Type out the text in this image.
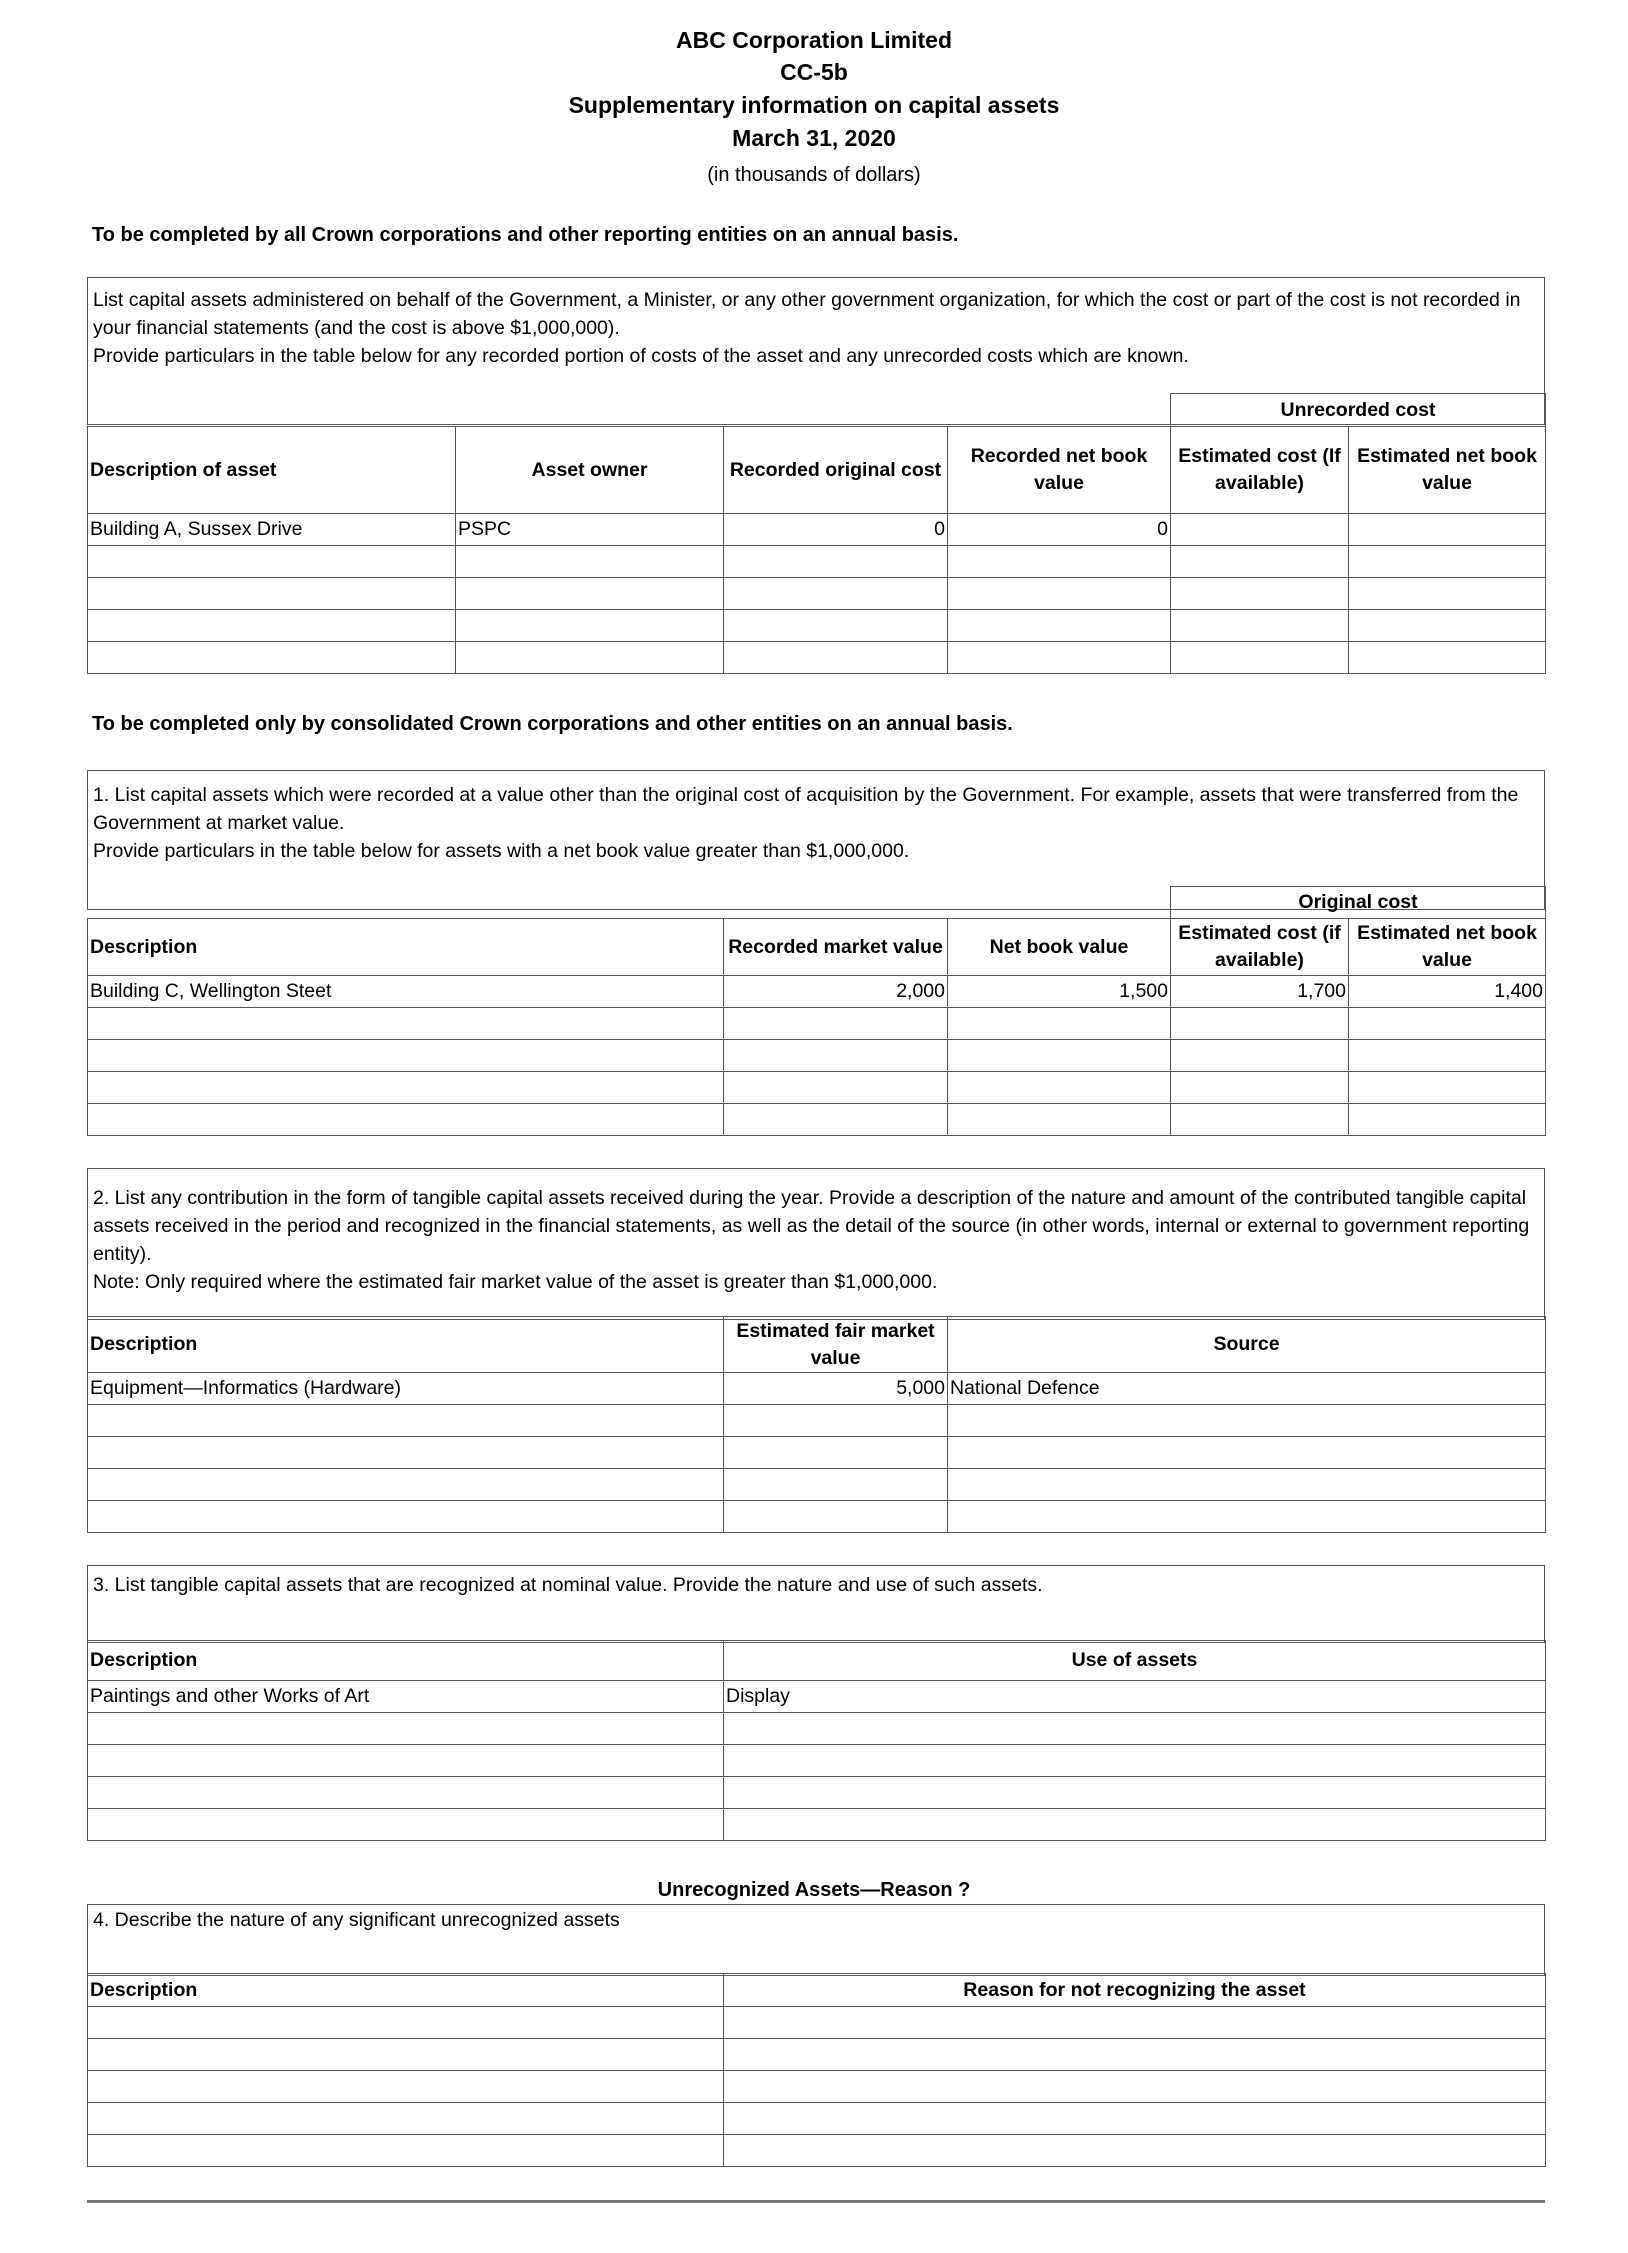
ABC Corporation Limited
CC-5b
Supplementary information on capital assets
March 31, 2020
(in thousands of dollars)
To be completed by all Crown corporations and other reporting entities on an annual basis.

List capital assets administered on behalf of the Government, a Minister, or any other government organization, for which the cost or part of the cost is not recorded in your financial statements (and the cost is above $1,000,000).

Provide particulars in the table below for any recorded portion of costs of the asset and any unrecorded costs which are known.

				Unrecorded cost	
Description of asset	Asset owner	Recorded original cost	Recorded net book value	Estimated cost (If available)	Estimated net book value
Building A, Sussex Drive	PSPC	0	0		

To be completed only by consolidated Crown corporations and other entities on an annual basis.

1. List capital assets which were recorded at a value other than the original cost of acquisition by the Government. For example, assets that were transferred from the Government at market value.

Provide particulars in the table below for assets with a net book value greater than $1,000,000.

			Original cost	
Description	Recorded market value	Net book value	Estimated cost (if available)	Estimated net book value
Building C, Wellington Steet	2,000	1,500	1,700	1,400

2. List any contribution in the form of tangible capital assets received during the year. Provide a description of the nature and amount of the contributed tangible capital assets received in the period and recognized in the financial statements, as well as the detail of the source (in other words, internal or external to government reporting entity).

Note: Only required where the estimated fair market value of the asset is greater than $1,000,000.

Description	Estimated fair market value	Source
Equipment—Informatics (Hardware)	5,000	National Defence

3. List tangible capital assets that are recognized at nominal value. Provide the nature and use of such assets.

Description	Use of assets
Paintings and other Works of Art	Display

Unrecognized Assets—Reason ?

4. Describe the nature of any significant unrecognized assets

Description	Reason for not recognizing the asset
